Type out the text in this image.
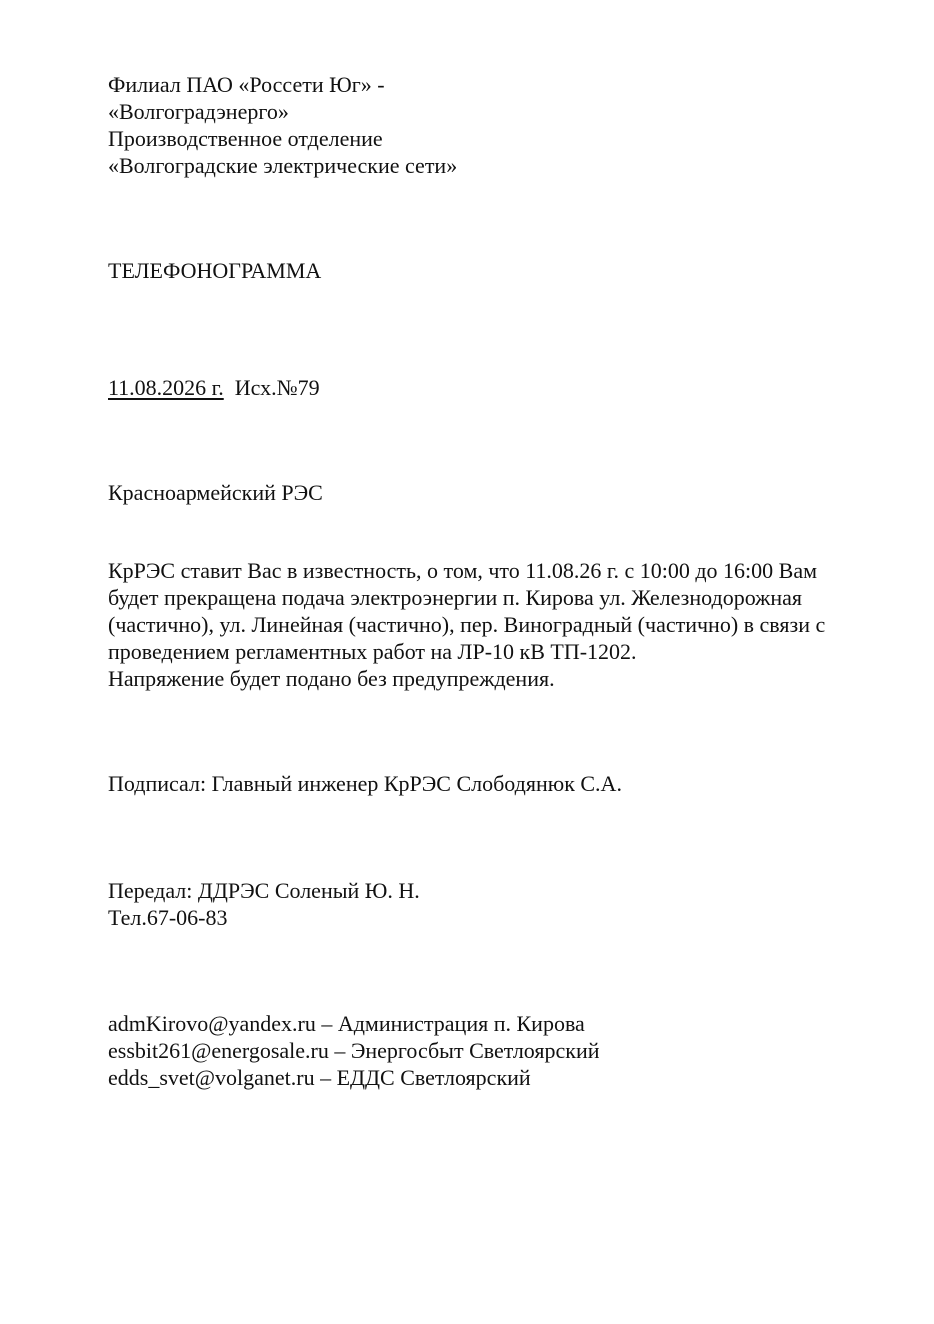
Филиал ПАО «Россети Юг» -
«Волгоградэнерго»
Производственное отделение
«Волгоградские электрические сети»
ТЕЛЕФОНОГРАММА
11.08.2026 г. Исх.№79
Красноармейский РЭС
КрРЭС ставит Вас в известность, о том, что 11.08.26 г. с 10:00 до 16:00 Вам
будет прекращена подача электроэнергии п. Кирова ул. Железнодорожная
(частично), ул. Линейная (частично), пер. Виноградный (частично) в связи с
проведением регламентных работ на ЛР-10 кВ ТП-1202.
Напряжение будет подано без предупреждения.
Подписал: Главный инженер КрРЭС Слободянюк С.А.
Передал: ДДРЭС Соленый Ю. Н.
Тел.67-06-83
admKirovo@yandex.ru – Администрация п. Кирова
essbit261@energosale.ru – Энергосбыт Светлоярский
edds_svet@volganet.ru – ЕДДС Светлоярский
